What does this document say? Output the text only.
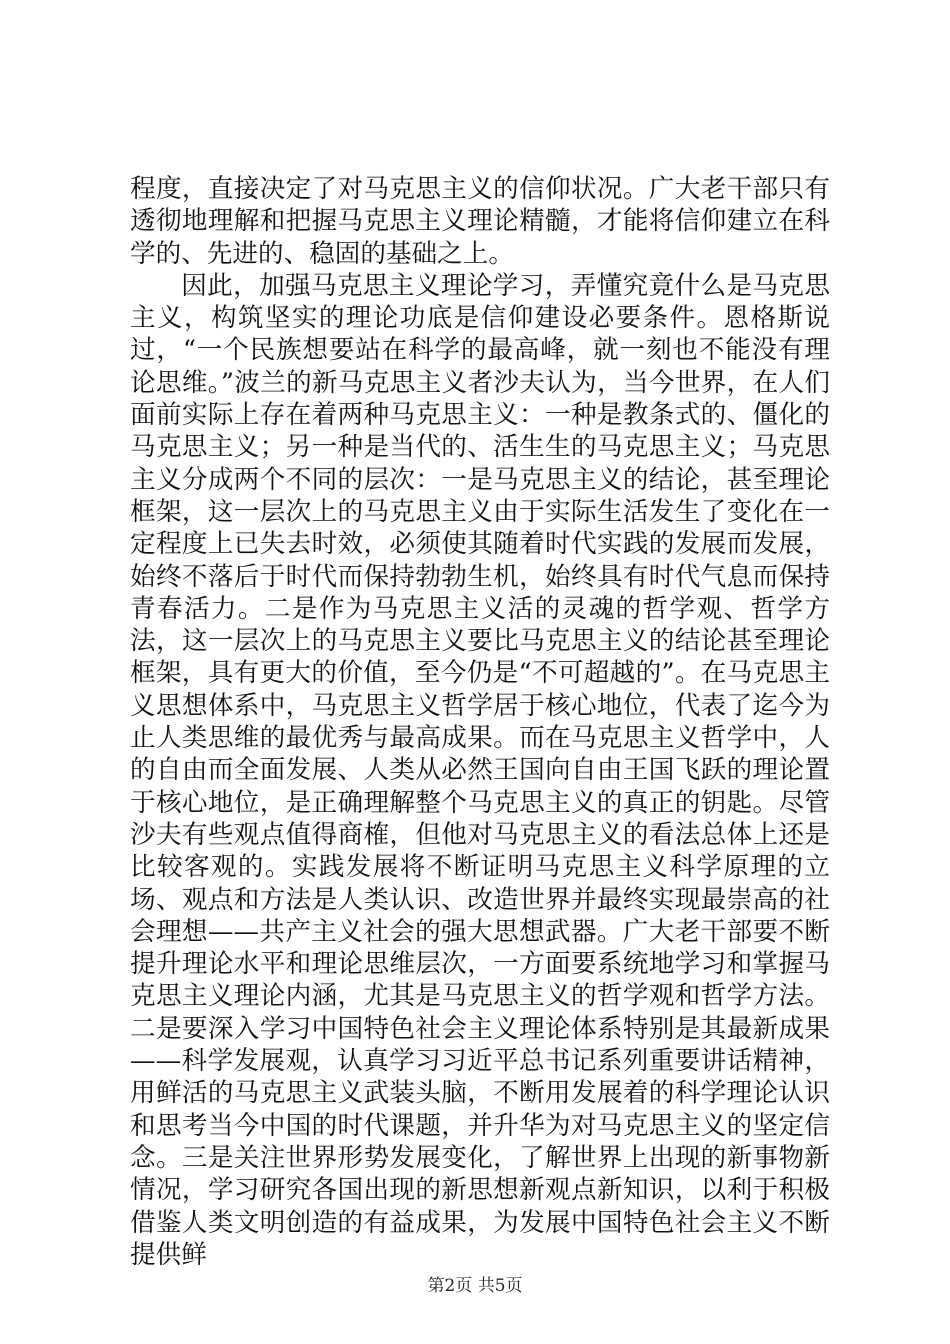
程度，直接决定了对马克思主义的信仰状况。广大老干部只有透彻地理解和把握马克思主义理论精髓，才能将信仰建立在科学的、先进的、稳固的基础之上。

因此，加强马克思主义理论学习，弄懂究竟什么是马克思主义，构筑坚实的理论功底是信仰建设必要条件。恩格斯说过，“一个民族想要站在科学的最高峰，就一刻也不能没有理论思维。”波兰的新马克思主义者沙夫认为，当今世界，在人们面前实际上存在着两种马克思主义：一种是教条式的、僵化的马克思主义；另一种是当代的、活生生的马克思主义；马克思主义分成两个不同的层次：一是马克思主义的结论，甚至理论框架，这一层次上的马克思主义由于实际生活发生了变化在一定程度上已失去时效，必须使其随着时代实践的发展而发展，始终不落后于时代而保持勃勃生机，始终具有时代气息而保持青春活力。二是作为马克思主义活的灵魂的哲学观、哲学方法，这一层次上的马克思主义要比马克思主义的结论甚至理论框架，具有更大的价值，至今仍是“不可超越的”。在马克思主义思想体系中，马克思主义哲学居于核心地位，代表了迄今为止人类思维的最优秀与最高成果。而在马克思主义哲学中，人的自由而全面发展、人类从必然王国向自由王国飞跃的理论置于核心地位，是正确理解整个马克思主义的真正的钥匙。尽管沙夫有些观点值得商榷，但他对马克思主义的看法总体上还是比较客观的。实践发展将不断证明马克思主义科学原理的立场、观点和方法是人类认识、改造世界并最终实现最崇高的社会理想——共产主义社会的强大思想武器。广大老干部要不断提升理论水平和理论思维层次，一方面要系统地学习和掌握马克思主义理论内涵，尤其是马克思主义的哲学观和哲学方法。二是要深入学习中国特色社会主义理论体系特别是其最新成果——科学发展观，认真学习习近平总书记系列重要讲话精神，用鲜活的马克思主义武装头脑，不断用发展着的科学理论认识和思考当今中国的时代课题，并升华为对马克思主义的坚定信念。三是关注世界形势发展变化，了解世界上出现的新事物新情况，学习研究各国出现的新思想新观点新知识，以利于积极借鉴人类文明创造的有益成果，为发展中国特色社会主义不断提供鲜

第2页 共5页
